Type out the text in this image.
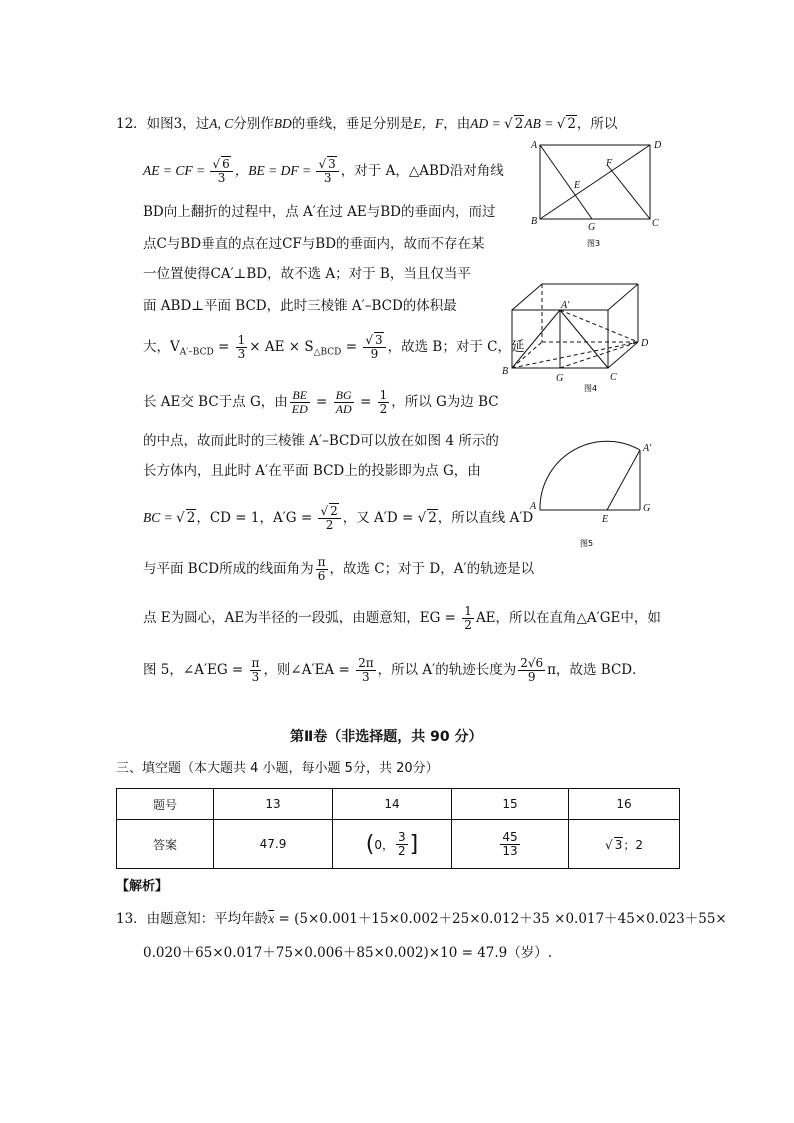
12．如图3，过A, C分别作BD的垂线，垂足分别是E，F，由AD = √ 2AB = √ 2，所以
AE = CF = $\frac{√ 6}{3}$ ，BE = DF = $\frac{√ 3}{3}$ ，对于 A，△ABD沿对角线
BD向上翻折的过程中，点 A′在过 AE与BD的垂面内，而过
点C与BD垂直的点在过CF与BD的垂面内，故而不存在某
一位置使得CA′⊥BD，故不选 A；对于 B，当且仅当平
面 ABD⊥平面 BCD，此时三棱锥 A′–BCD的体积最
大，$V_{A'-BCD} = \frac{1}{3}$ × AE × $S_{\triangle BCD} = \frac{√ 3}{9}$ ，故选 B；对于 C，延
长 AE交 BC于点 G，由 $\frac{BE}{ED} = \frac{BG}{AD} = \frac{1}{2}$ ，所以 G为边 BC
的中点，故而此时的三棱锥 A′–BCD可以放在如图 4 所示的
长方体内，且此时 A′在平面 BCD上的投影即为点 G，由
BC = √ 2，CD = 1，$A'G = \frac{√ 2}{2}$ ，又 A′D = √ 2，所以直线 A′D
与平面 BCD所成的线面角为 $\frac{\pi}{6}$ ，故选 C；对于 D，A′的轨迹是以
点 E为圆心，AE为半径的一段弧，由题意知，EG = $\frac{1}{2}$ AE，所以在直角△A′GE中，如
图 5，∠A′EG = $\frac{\pi}{3}$ ，则∠A′EA = $\frac{2\pi}{3}$ ，所以 A′的轨迹长度为 $\frac{2√6}{9}$ π，故选 BCD．
A	D
B	C
E
F
G
图3
A′
B
C
D
G
图4
A
A′
E
G
图5
第Ⅱ卷（非选择题，共 90 分）
三、填空题（本大题共 4 小题，每小题 5分，共 20分）
题号	13	14	15	16
答案	47.9	(0， $\frac{3}{2}$ ]	$\frac{45}{13}$	√ 3；2
【解析】
13．由题意知：平均年龄$\overline{x} = (5\times 0.001+15\times 0.002+25\times 0.012+35 \times 0.017+45\times 0.023+55\times$
0.020＋65×0.017＋75×0.006＋85×0.002)×10 = 47.9（岁）.
